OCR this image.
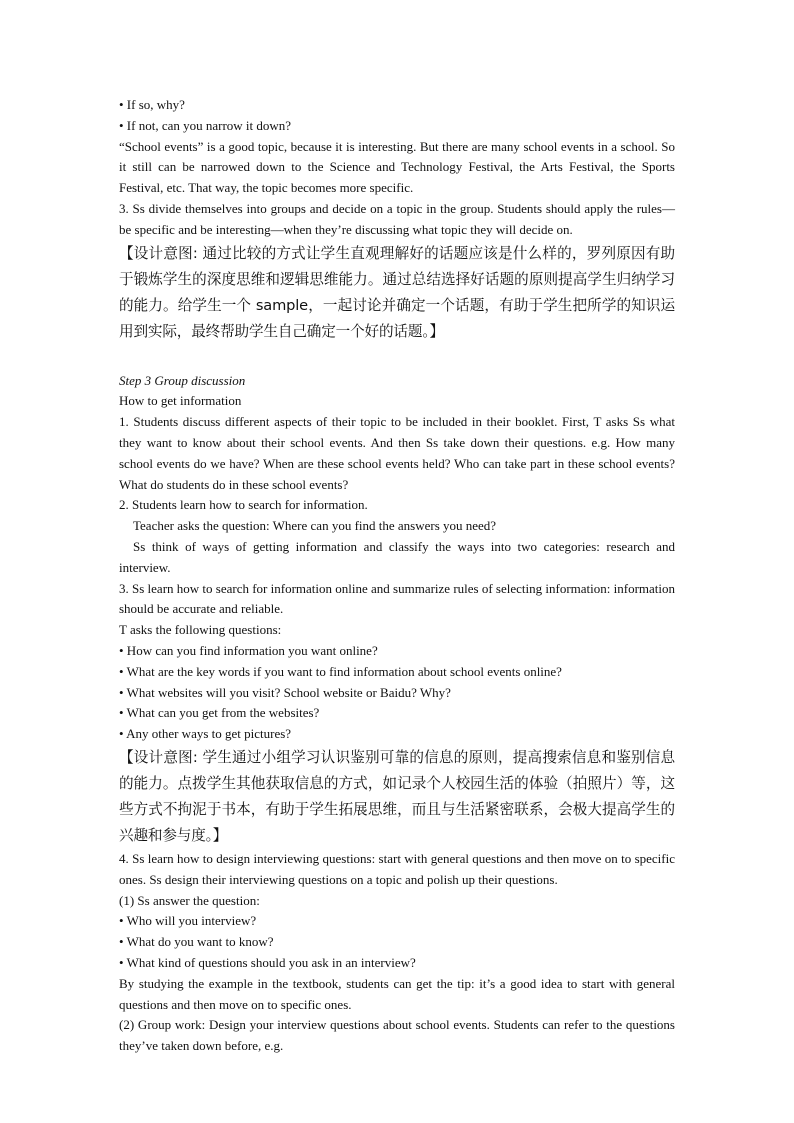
• If so, why?

• If not, can you narrow it down?

“School events” is a good topic, because it is interesting. But there are many school events in a school. So it still can be narrowed down to the Science and Technology Festival, the Arts Festival, the Sports Festival, etc. That way, the topic becomes more specific.

3. Ss divide themselves into groups and decide on a topic in the group. Students should apply the rules—be specific and be interesting—when they’re discussing what topic they will decide on.

【设计意图: 通过比较的方式让学生直观理解好的话题应该是什么样的，罗列原因有助于锻炼学生的深度思维和逻辑思维能力。通过总结选择好话题的原则提高学生归纳学习的能力。给学生一个 sample，一起讨论并确定一个话题，有助于学生把所学的知识运用到实际，最终帮助学生自己确定一个好的话题。】

Step 3 Group discussion

How to get information

1. Students discuss different aspects of their topic to be included in their booklet. First, T asks Ss what they want to know about their school events. And then Ss take down their questions. e.g. How many school events do we have? When are these school events held? Who can take part in these school events? What do students do in these school events?

2. Students learn how to search for information.

Teacher asks the question: Where can you find the answers you need?

Ss think of ways of getting information and classify the ways into two categories: research and interview.

3. Ss learn how to search for information online and summarize rules of selecting information: information should be accurate and reliable.

T asks the following questions:

• How can you find information you want online?

• What are the key words if you want to find information about school events online?

• What websites will you visit? School website or Baidu? Why?

• What can you get from the websites?

• Any other ways to get pictures?

【设计意图: 学生通过小组学习认识鉴别可靠的信息的原则，提高搜索信息和鉴别信息的能力。点拨学生其他获取信息的方式，如记录个人校园生活的体验（拍照片）等，这些方式不拘泥于书本，有助于学生拓展思维，而且与生活紧密联系，会极大提高学生的兴趣和参与度。】

4. Ss learn how to design interviewing questions: start with general questions and then move on to specific ones. Ss design their interviewing questions on a topic and polish up their questions.

(1) Ss answer the question:

• Who will you interview?

• What do you want to know?

• What kind of questions should you ask in an interview?

By studying the example in the textbook, students can get the tip: it’s a good idea to start with general questions and then move on to specific ones.

(2) Group work: Design your interview questions about school events. Students can refer to the questions they’ve taken down before, e.g.
